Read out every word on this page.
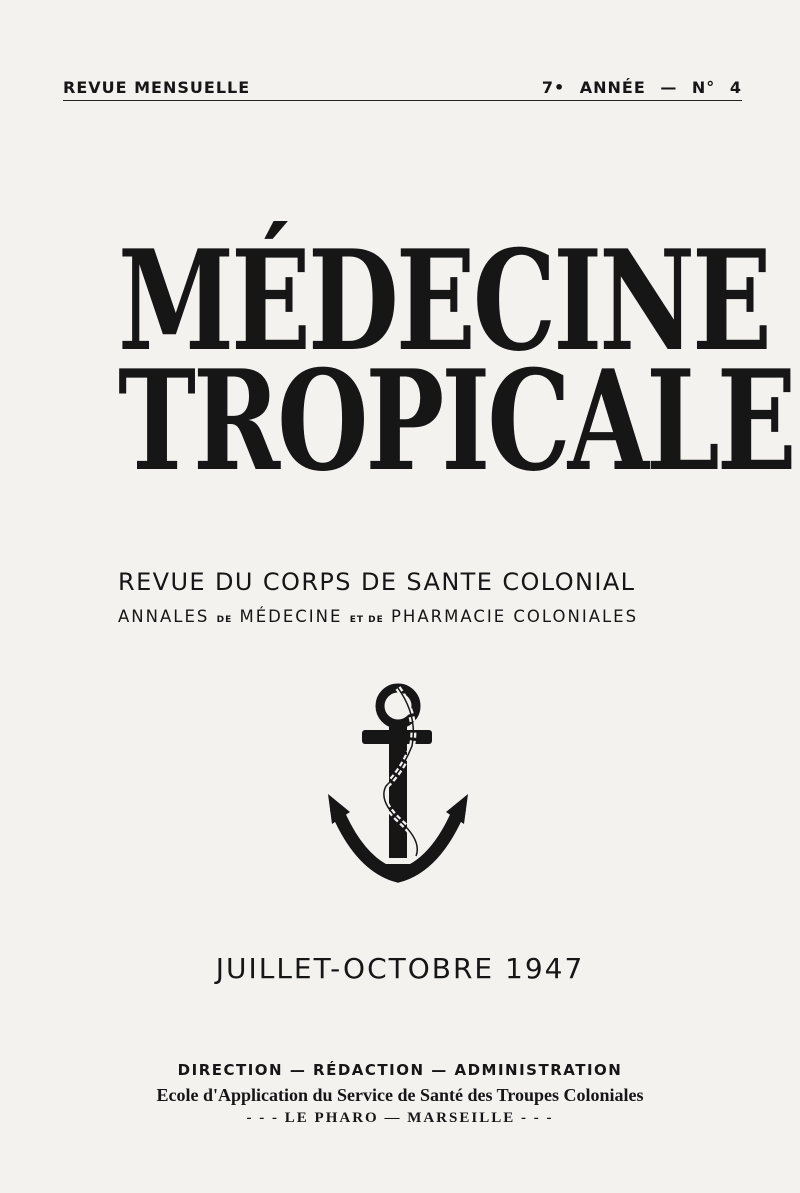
REVUE MENSUELLE	7• ANNÉE — N° 4
MÉDECINE
TROPICALE
REVUE DU CORPS DE SANTE COLONIAL
ANNALES DE MÉDECINE ET DE PHARMACIE COLONIALES
JUILLET-OCTOBRE 1947
DIRECTION — RÉDACTION — ADMINISTRATION
Ecole d'Application du Service de Santé des Troupes Coloniales
- - - LE PHARO — MARSEILLE - - -
